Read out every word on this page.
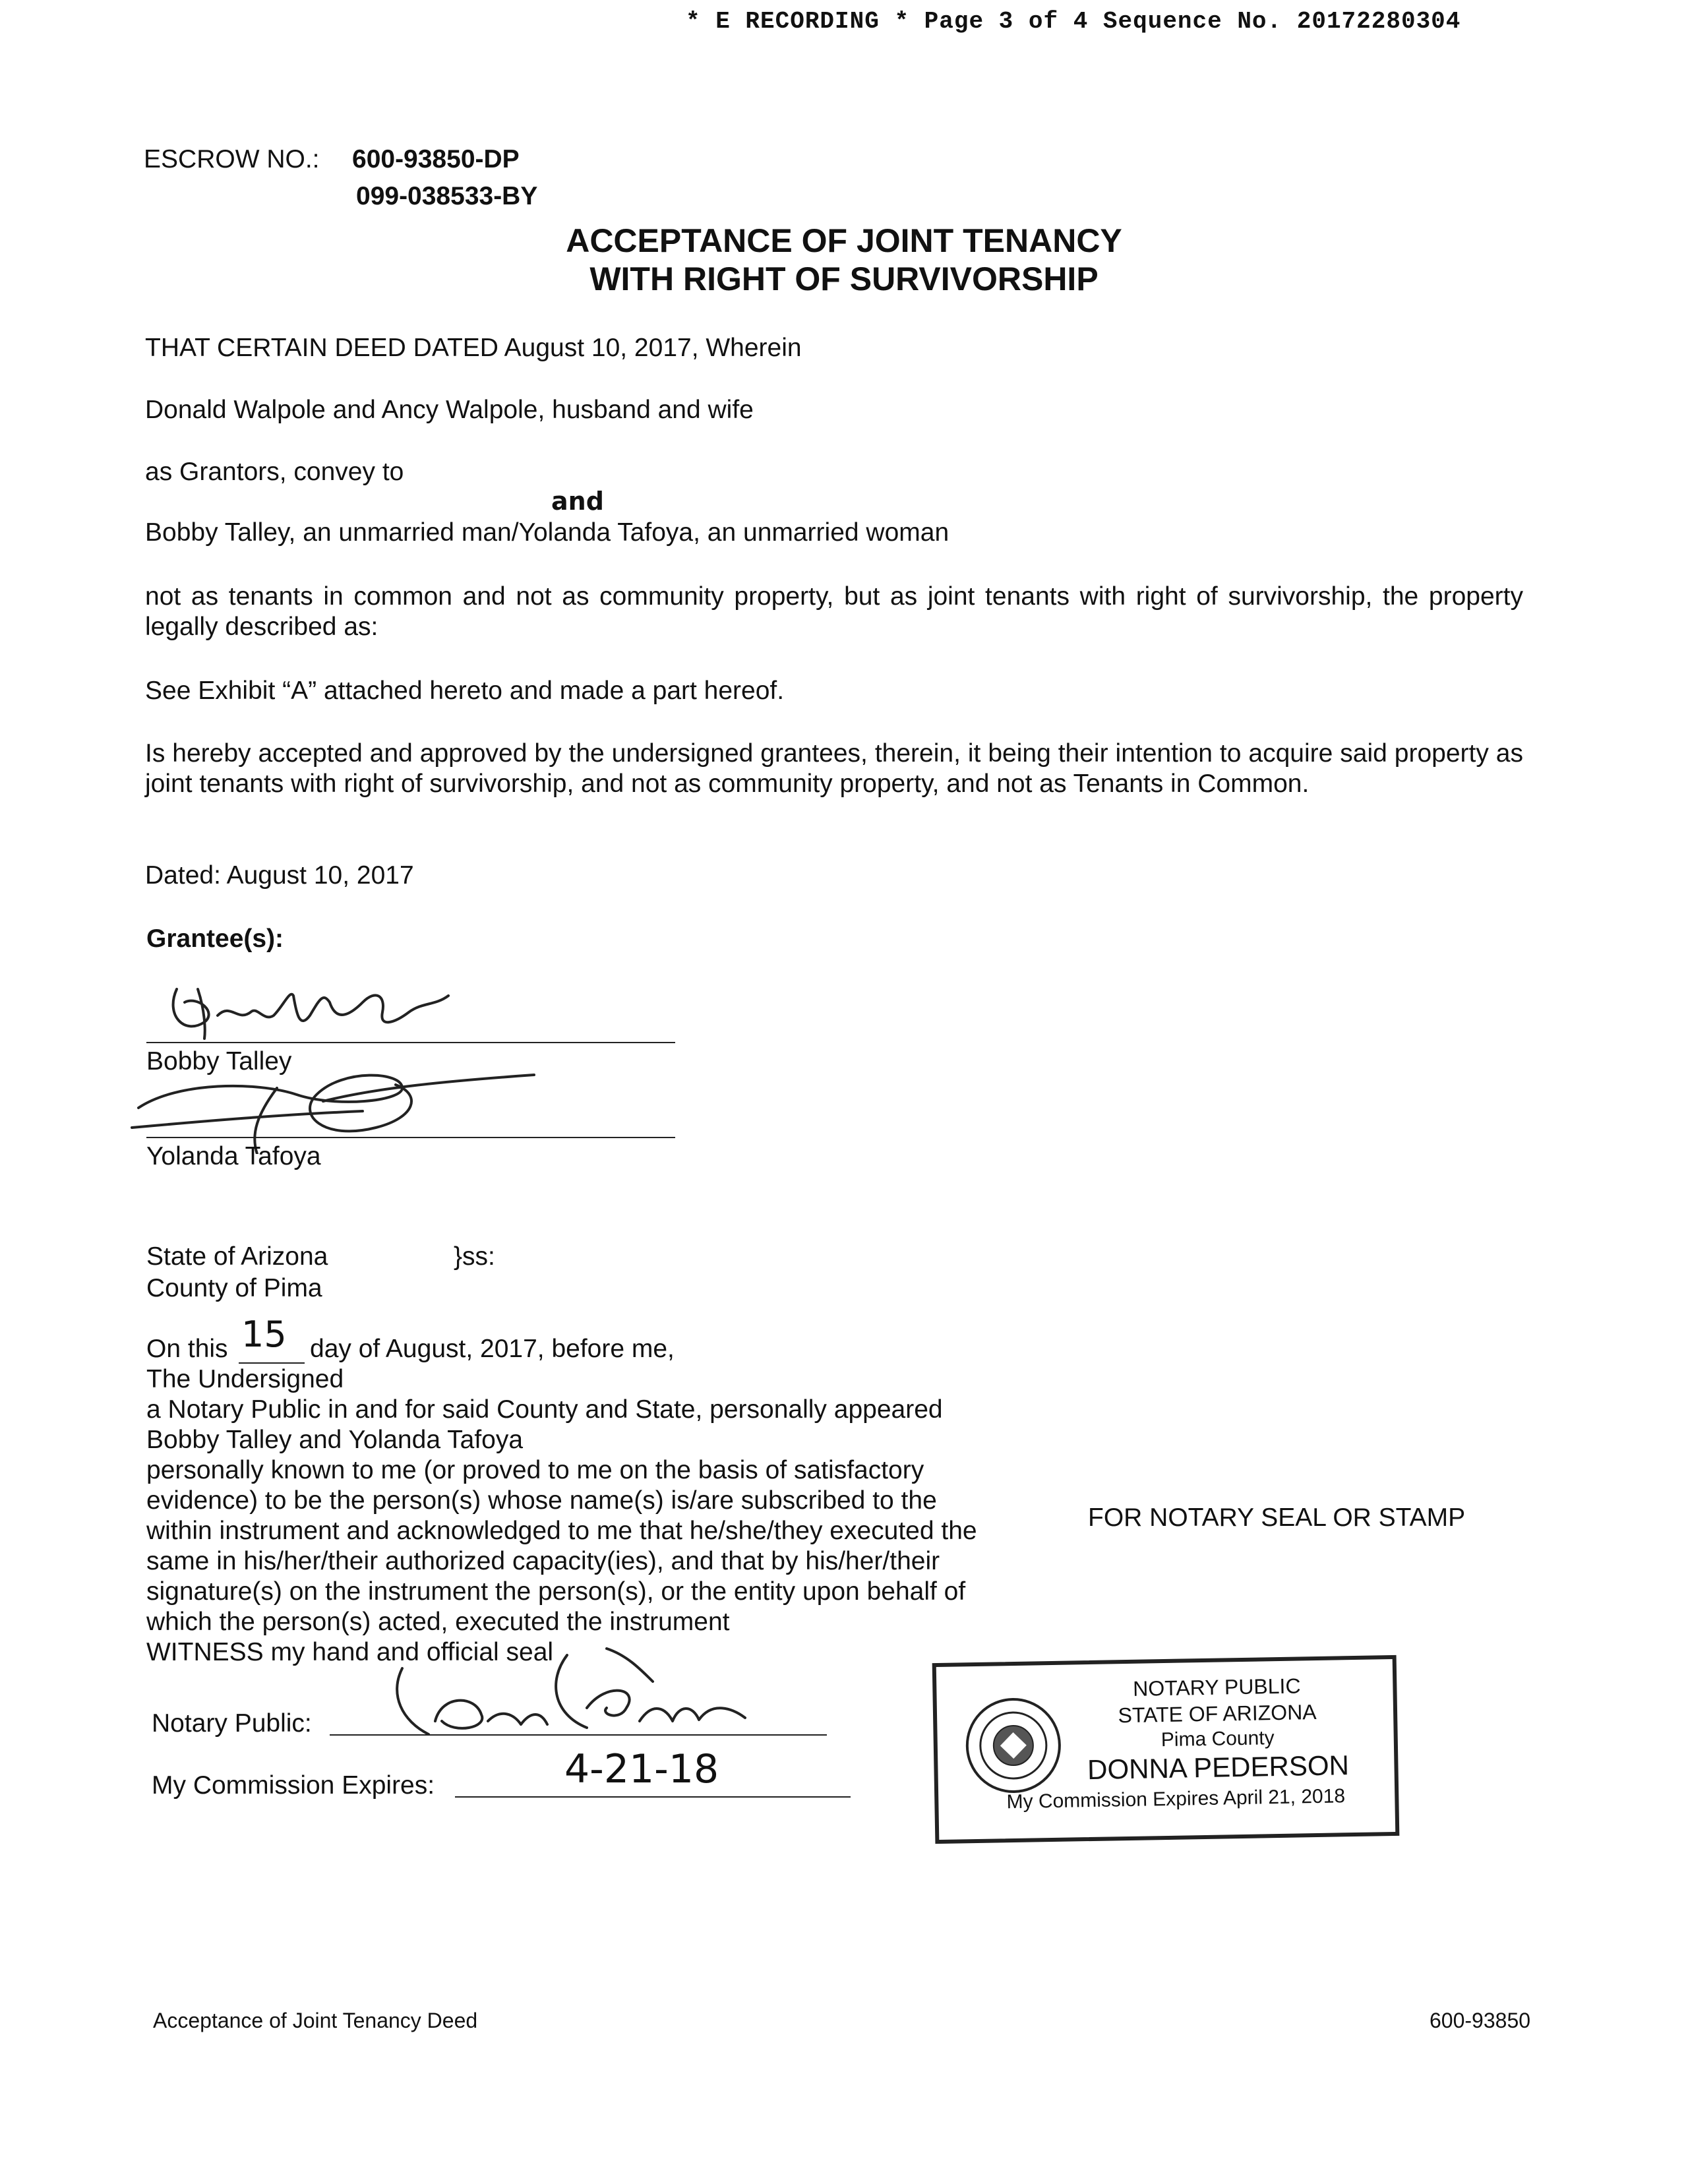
* E RECORDING * Page 3 of 4 Sequence No. 20172280304
ESCROW NO.: 600-93850-DP
099-038533-BY
ACCEPTANCE OF JOINT TENANCY
WITH RIGHT OF SURVIVORSHIP
THAT CERTAIN DEED DATED August 10, 2017, Wherein
Donald Walpole and Ancy Walpole, husband and wife
as Grantors, convey to
and
Bobby Talley, an unmarried man/Yolanda Tafoya, an unmarried woman
not as tenants in common and not as community property, but as joint tenants with right of survivorship, the property legally described as:
See Exhibit “A” attached hereto and made a part hereof.
Is hereby accepted and approved by the undersigned grantees, therein, it being their intention to acquire said property as joint tenants with right of survivorship, and not as community property, and not as Tenants in Common.
Dated: August 10, 2017
Grantee(s):
Bobby Talley
Yolanda Tafoya
State of Arizona	}ss:
County of Pima
On this 15 day of August, 2017, before me,
The Undersigned
a Notary Public in and for said County and State, personally appeared
Bobby Talley and Yolanda Tafoya
personally known to me (or proved to me on the basis of satisfactory
evidence) to be the person(s) whose name(s) is/are subscribed to the
within instrument and acknowledged to me that he/she/they executed the
same in his/her/their authorized capacity(ies), and that by his/her/their
signature(s) on the instrument the person(s), or the entity upon behalf of
which the person(s) acted, executed the instrument
WITNESS my hand and official seal
FOR NOTARY SEAL OR STAMP
Notary Public:
My Commission Expires:	4-21-18
NOTARY PUBLIC
STATE OF ARIZONA
Pima County
DONNA PEDERSON
My Commission Expires April 21, 2018
Acceptance of Joint Tenancy Deed	600-93850
